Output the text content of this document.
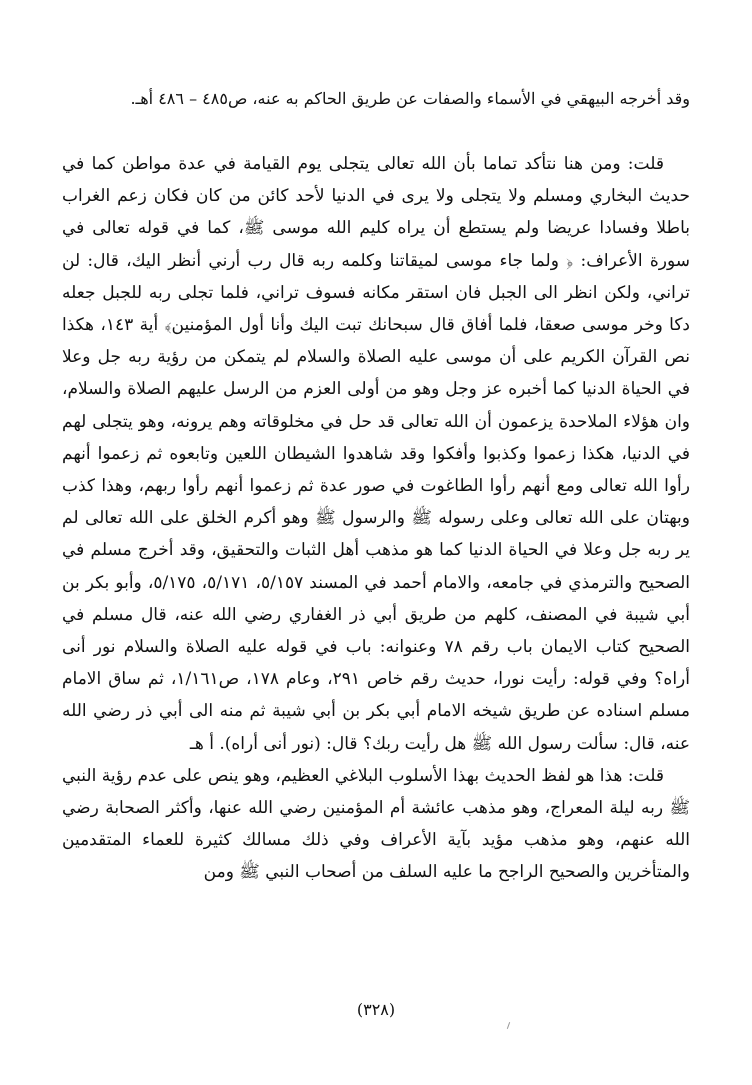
وقد أخرجه البيهقي في الأسماء والصفات عن طريق الحاكم به عنه، ص٤٨٥ – ٤٨٦ أهـ.

قلت: ومن هنا نتأكد تماما بأن الله تعالى يتجلى يوم القيامة في عدة مواطن كما في حديث البخاري ومسلم ولا يتجلى ولا يرى في الدنيا لأحد كائن من كان فكان زعم الغراب باطلا وفسادا عريضا ولم يستطع أن يراه كليم الله موسى ﷺ، كما في قوله تعالى في سورة الأعراف: ﴿ ولما جاء موسى لميقاتنا وكلمه ربه قال رب أرني أنظر اليك، قال: لن تراني، ولكن انظر الى الجبل فان استقر مكانه فسوف تراني، فلما تجلى ربه للجبل جعله دكا وخر موسى صعقا، فلما أفاق قال سبحانك تبت اليك وأنا أول المؤمنين﴾ أية ١٤٣، هكذا نص القرآن الكريم على أن موسى عليه الصلاة والسلام لم يتمكن من رؤية ربه جل وعلا في الحياة الدنيا كما أخبره عز وجل وهو من أولى العزم من الرسل عليهم الصلاة والسلام، وان هؤلاء الملاحدة يزعمون أن الله تعالى قد حل في مخلوقاته وهم يرونه، وهو يتجلى لهم في الدنيا، هكذا زعموا وكذبوا وأفكوا وقد شاهدوا الشيطان اللعين وتابعوه ثم زعموا أنهم رأوا الله تعالى ومع أنهم رأوا الطاغوت في صور عدة ثم زعموا أنهم رأوا ربهم، وهذا كذب وبهتان على الله تعالى وعلى رسوله ﷺ والرسول ﷺ وهو أكرم الخلق على الله تعالى لم ير ربه جل وعلا في الحياة الدنيا كما هو مذهب أهل الثبات والتحقيق، وقد أخرج مسلم في الصحيح والترمذي في جامعه، والامام أحمد في المسند ٥/١٥٧، ٥/١٧١، ٥/١٧٥، وأبو بكر بن أبي شيبة في المصنف، كلهم من طريق أبي ذر الغفاري رضي الله عنه، قال مسلم في الصحيح كتاب الايمان باب رقم ٧٨ وعنوانه: باب في قوله عليه الصلاة والسلام نور أنى أراه؟ وفي قوله: رأيت نورا، حديث رقم خاص ٢٩١، وعام ١٧٨، ص١/١٦١، ثم ساق الامام مسلم اسناده عن طريق شيخه الامام أبي بكر بن أبي شيبة ثم منه الى أبي ذر رضي الله عنه، قال: سألت رسول الله ﷺ هل رأيت ربك؟ قال: (نور أنى أراه). أ هـ

قلت: هذا هو لفظ الحديث بهذا الأسلوب البلاغي العظيم، وهو ينص على عدم رؤية النبي ﷺ ربه ليلة المعراج، وهو مذهب عائشة أم المؤمنين رضي الله عنها، وأكثر الصحابة رضي الله عنهم، وهو مذهب مؤيد بآية الأعراف وفي ذلك مسالك كثيرة للعماء المتقدمين والمتأخرين والصحيح الراجح ما عليه السلف من أصحاب النبي ﷺ ومن

(٣٢٨)
